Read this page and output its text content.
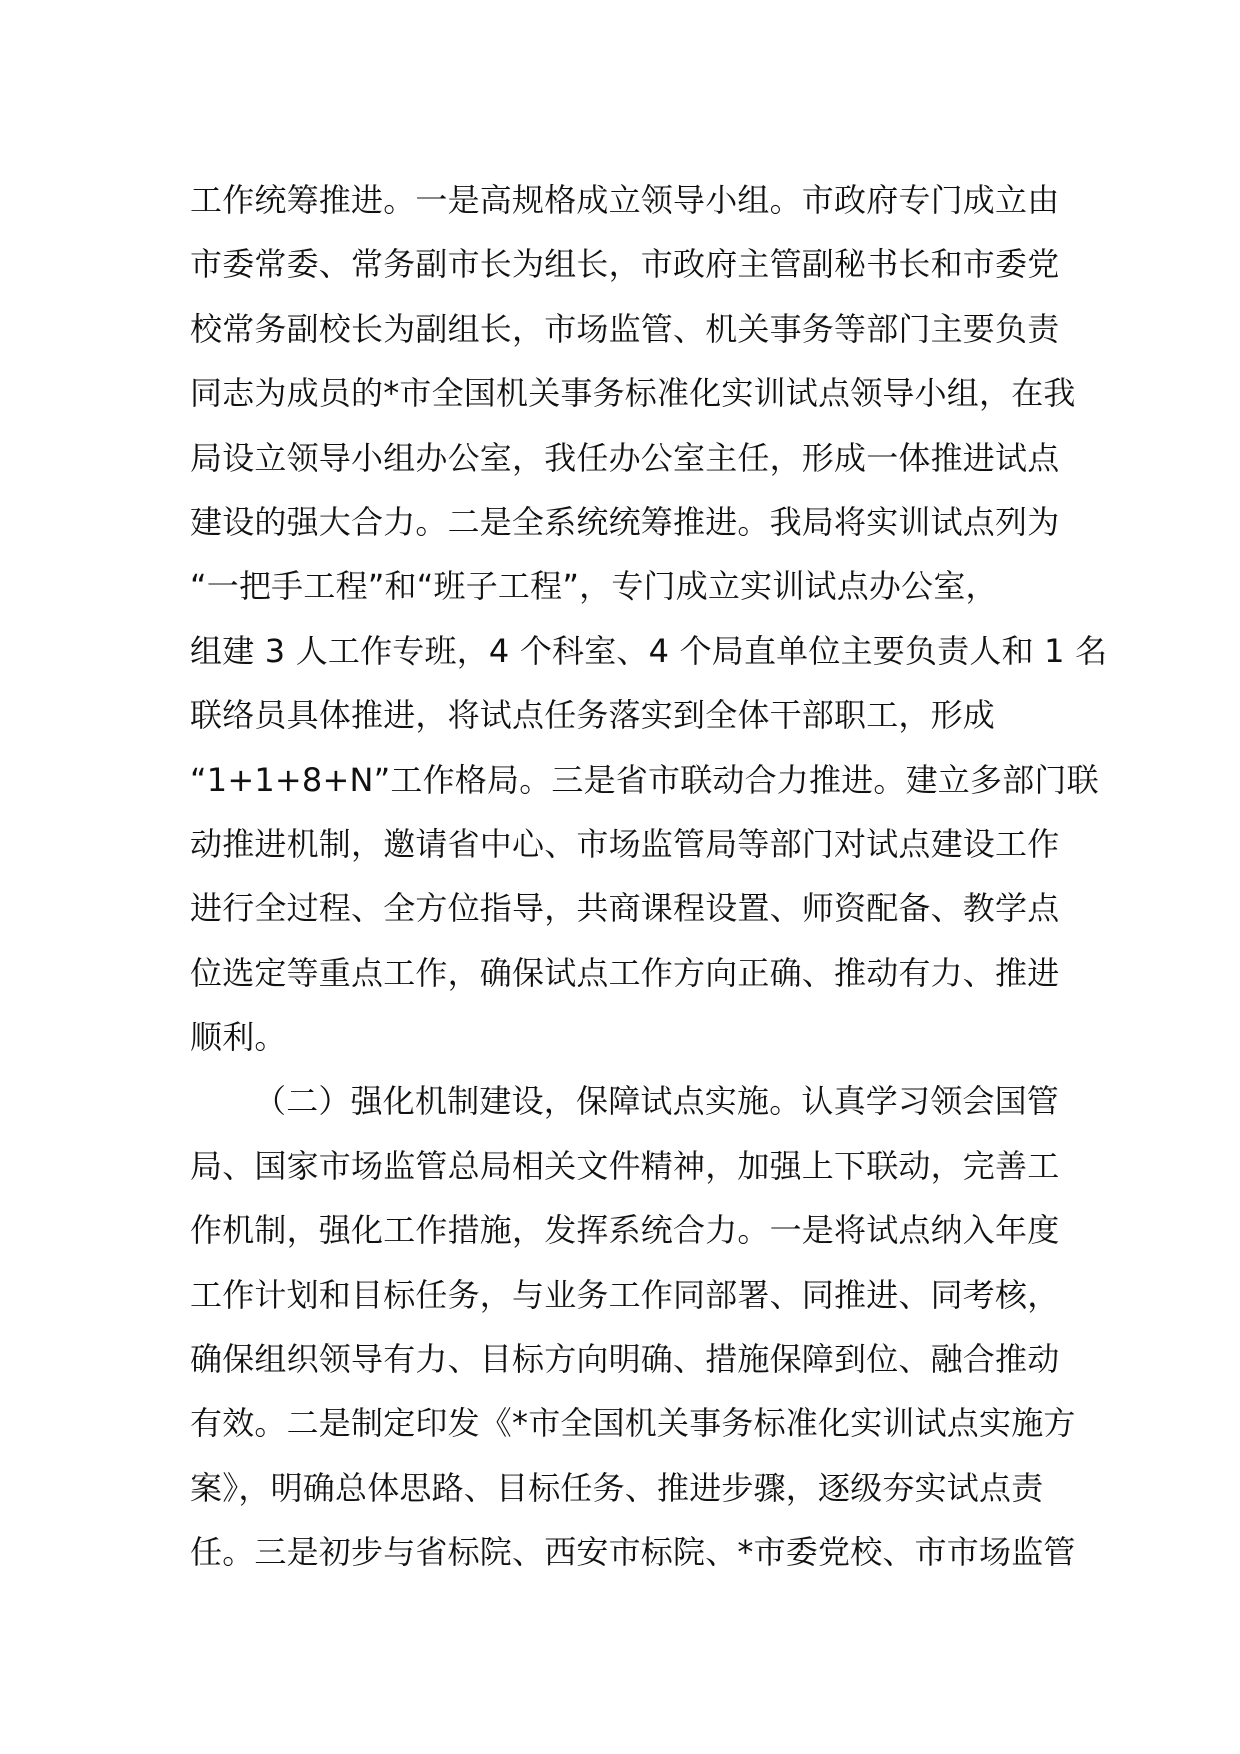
工作统筹推进。一是高规格成立领导小组。市政府专门成立由
市委常委、常务副市长为组长，市政府主管副秘书长和市委党
校常务副校长为副组长，市场监管、机关事务等部门主要负责
同志为成员的*市全国机关事务标准化实训试点领导小组，在我
局设立领导小组办公室，我任办公室主任，形成一体推进试点
建设的强大合力。二是全系统统筹推进。我局将实训试点列为
“一把手工程”和“班子工程”，专门成立实训试点办公室，
组建 3 人工作专班，4 个科室、4 个局直单位主要负责人和 1 名
联络员具体推进，将试点任务落实到全体干部职工，形成
“1+1+8+N”工作格局。三是省市联动合力推进。建立多部门联
动推进机制，邀请省中心、市场监管局等部门对试点建设工作
进行全过程、全方位指导，共商课程设置、师资配备、教学点
位选定等重点工作，确保试点工作方向正确、推动有力、推进
顺利。
（二）强化机制建设，保障试点实施。认真学习领会国管
局、国家市场监管总局相关文件精神，加强上下联动，完善工
作机制，强化工作措施，发挥系统合力。一是将试点纳入年度
工作计划和目标任务，与业务工作同部署、同推进、同考核，
确保组织领导有力、目标方向明确、措施保障到位、融合推动
有效。二是制定印发《*市全国机关事务标准化实训试点实施方
案》，明确总体思路、目标任务、推进步骤，逐级夯实试点责
任。三是初步与省标院、西安市标院、*市委党校、市市场监管
